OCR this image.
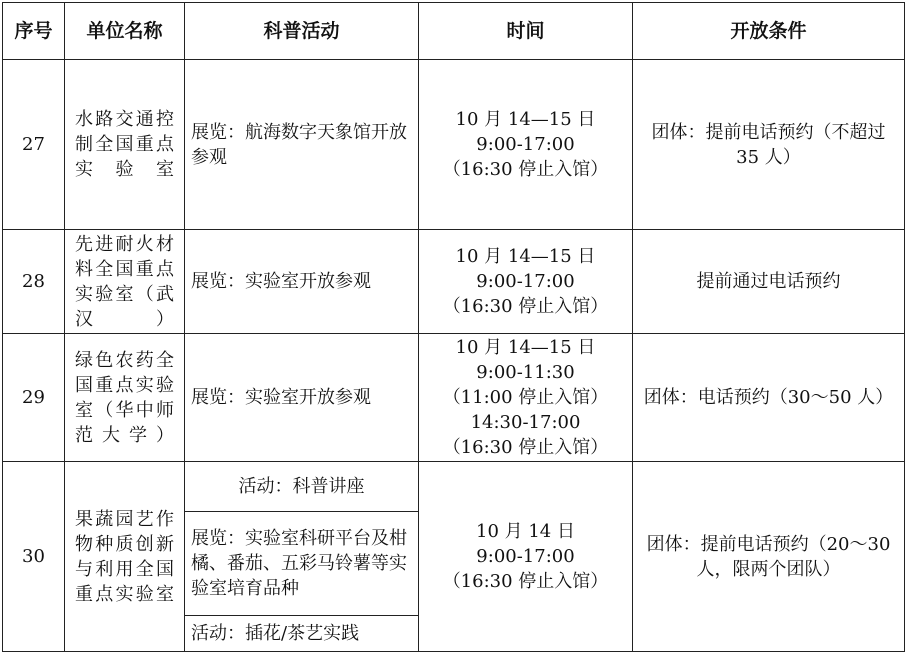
序号	单位名称	科普活动	时间	开放条件
27	水路交通控制全国重点实验室	展览：航海数字天象馆开放参观	10 月 14—15 日
9:00-17:00
（16:30 停止入馆）	团体：提前电话预约（不超过 35 人）
28	先进耐火材料全国重点实验室（武汉）	展览：实验室开放参观	10 月 14—15 日
9:00-17:00
（16:30 停止入馆）	提前通过电话预约
29	绿色农药全国重点实验室（华中师范大学）	展览：实验室开放参观	10 月 14—15 日
9:00-11:30
（11:00 停止入馆）
14:30-17:00
（16:30 停止入馆）	团体：电话预约（30～50 人）
30	果蔬园艺作物种质创新与利用全国重点实验室	活动：科普讲座	10 月 14 日
9:00-17:00
（16:30 停止入馆）	团体：提前电话预约（20～30 人，限两个团队）
		展览：实验室科研平台及柑橘、番茄、五彩马铃薯等实验室培育品种		
		活动：插花/茶艺实践		
